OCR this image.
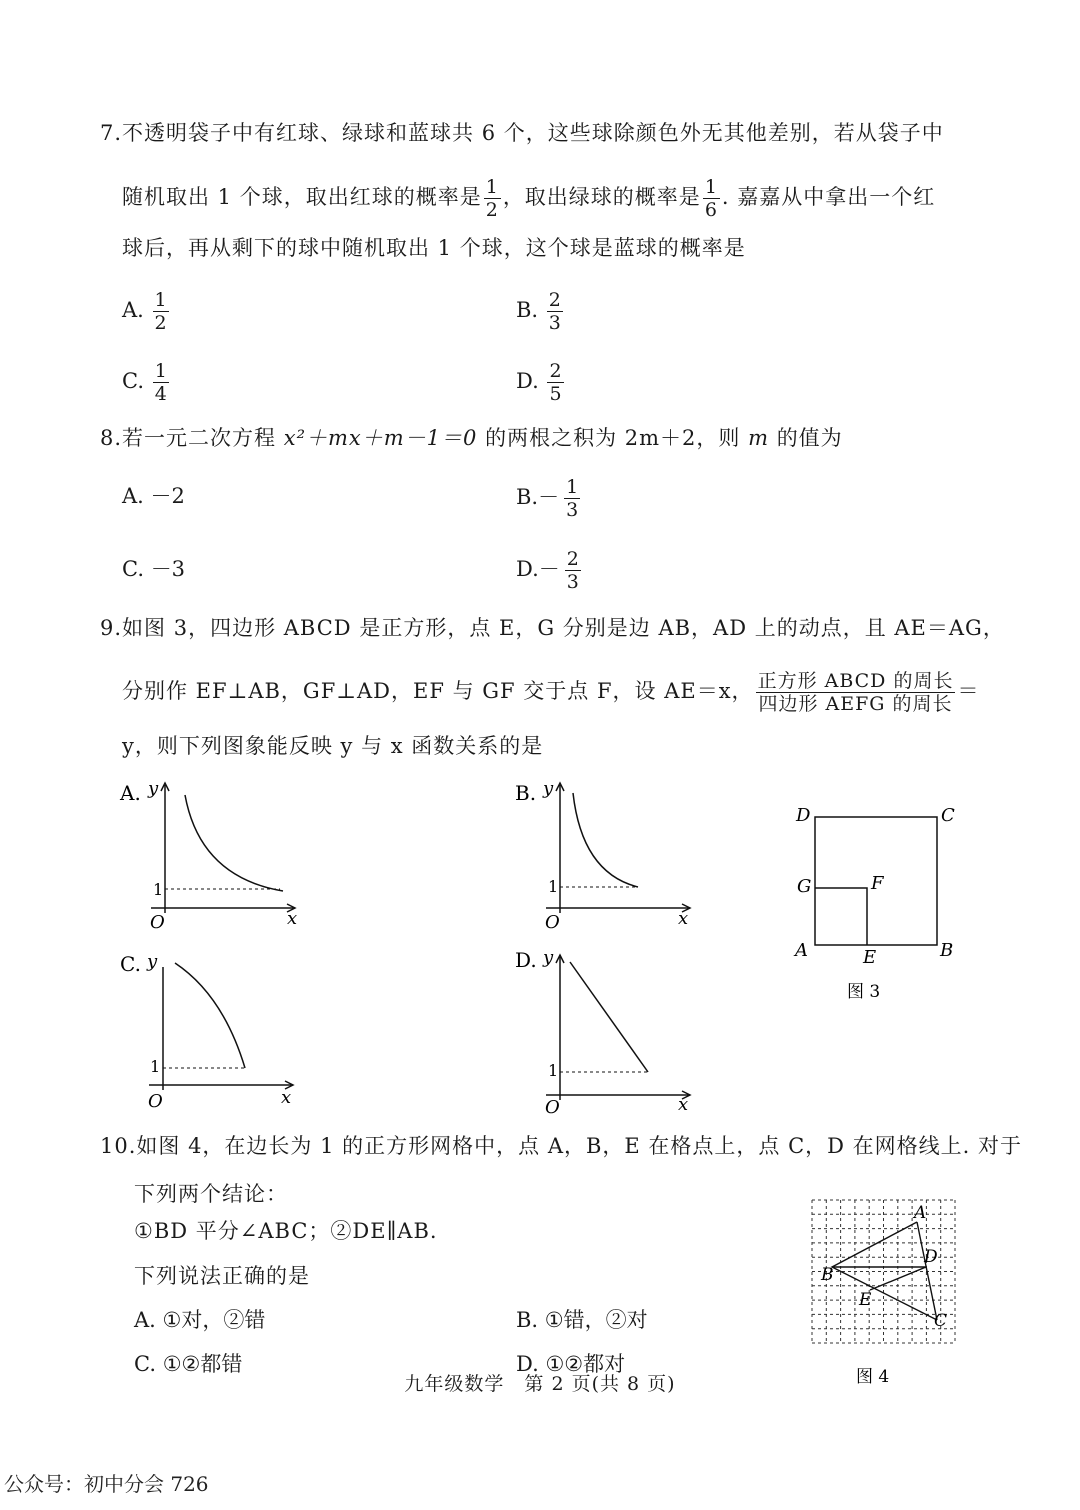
7.不透明袋子中有红球、绿球和蓝球共 6 个，这些球除颜色外无其他差别，若从袋子中
随机取出 1 个球，取出红球的概率是 $\frac{1}{2}$ ，取出绿球的概率是 $\frac{1}{6}$ . 嘉嘉从中拿出一个红
球后，再从剩下的球中随机取出 1 个球，这个球是蓝球的概率是
A. $\frac{1}{2}$	B. $\frac{2}{3}$
C. $\frac{1}{4}$	D. $\frac{2}{5}$
8.若一元二次方程 x²＋mx＋m－1＝0 的两根之积为 2m＋2，则 m 的值为
A. －2	$B.- \frac{1}{3}$
C. －3	$D.- \frac{2}{3}$
9.如图 3，四边形 ABCD 是正方形，点 E，G 分别是边 AB，AD 上的动点，且 AE＝AG，
分别作 EF⊥AB，GF⊥AD，EF 与 GF 交于点 F，设 AE＝x， $\frac{\text{正方形 ABCD 的周长}}{\text{四边形 AEFG 的周长}}$ ＝
y，则下列图象能反映 y 与 x 函数关系的是
A. y
1
O	x
B. y
1
O	x
C. y
1
O	x
D. y
1
O	x
D	C
G	F
A	E	B
图 3
10.如图 4，在边长为 1 的正方形网格中，点 A，B，E 在格点上，点 C，D 在网格线上. 对于
下列两个结论：
①BD 平分∠ABC；②DE∥AB.
下列说法正确的是
A. ①对，②错	B. ①错，②对
C. ①②都错	D. ①②都对
A
B
D
E
C
图 4
九年级数学　第 2 页(共 8 页)
公众号：初中分会 726
